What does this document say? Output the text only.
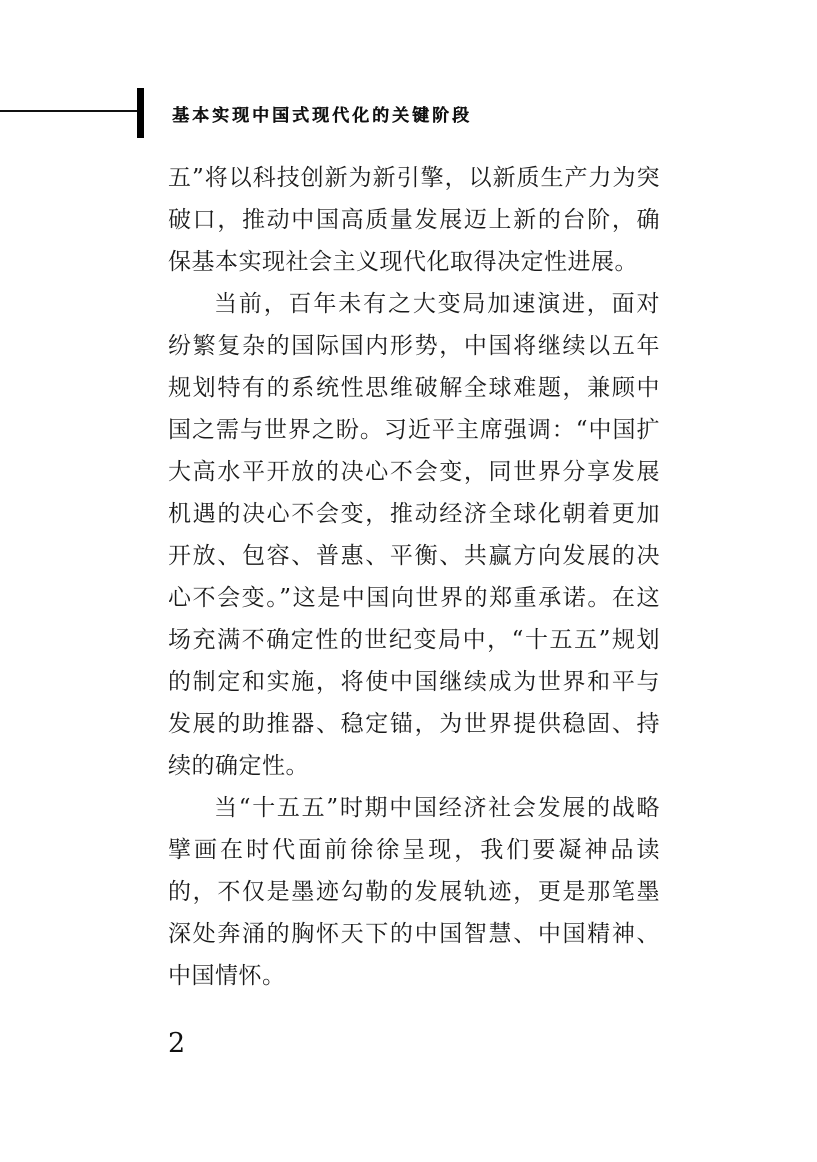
基本实现中国式现代化的关键阶段

五”将以科技创新为新引擎，以新质生产力为突破口，推动中国高质量发展迈上新的台阶，确保基本实现社会主义现代化取得决定性进展。

当前，百年未有之大变局加速演进，面对纷繁复杂的国际国内形势，中国将继续以五年规划特有的系统性思维破解全球难题，兼顾中国之需与世界之盼。习近平主席强调：“中国扩大高水平开放的决心不会变，同世界分享发展机遇的决心不会变，推动经济全球化朝着更加开放、包容、普惠、平衡、共赢方向发展的决心不会变。”这是中国向世界的郑重承诺。在这场充满不确定性的世纪变局中，“十五五”规划的制定和实施，将使中国继续成为世界和平与发展的助推器、稳定锚，为世界提供稳固、持续的确定性。

当“十五五”时期中国经济社会发展的战略擘画在时代面前徐徐呈现，我们要凝神品读的，不仅是墨迹勾勒的发展轨迹，更是那笔墨深处奔涌的胸怀天下的中国智慧、中国精神、中国情怀。

2
